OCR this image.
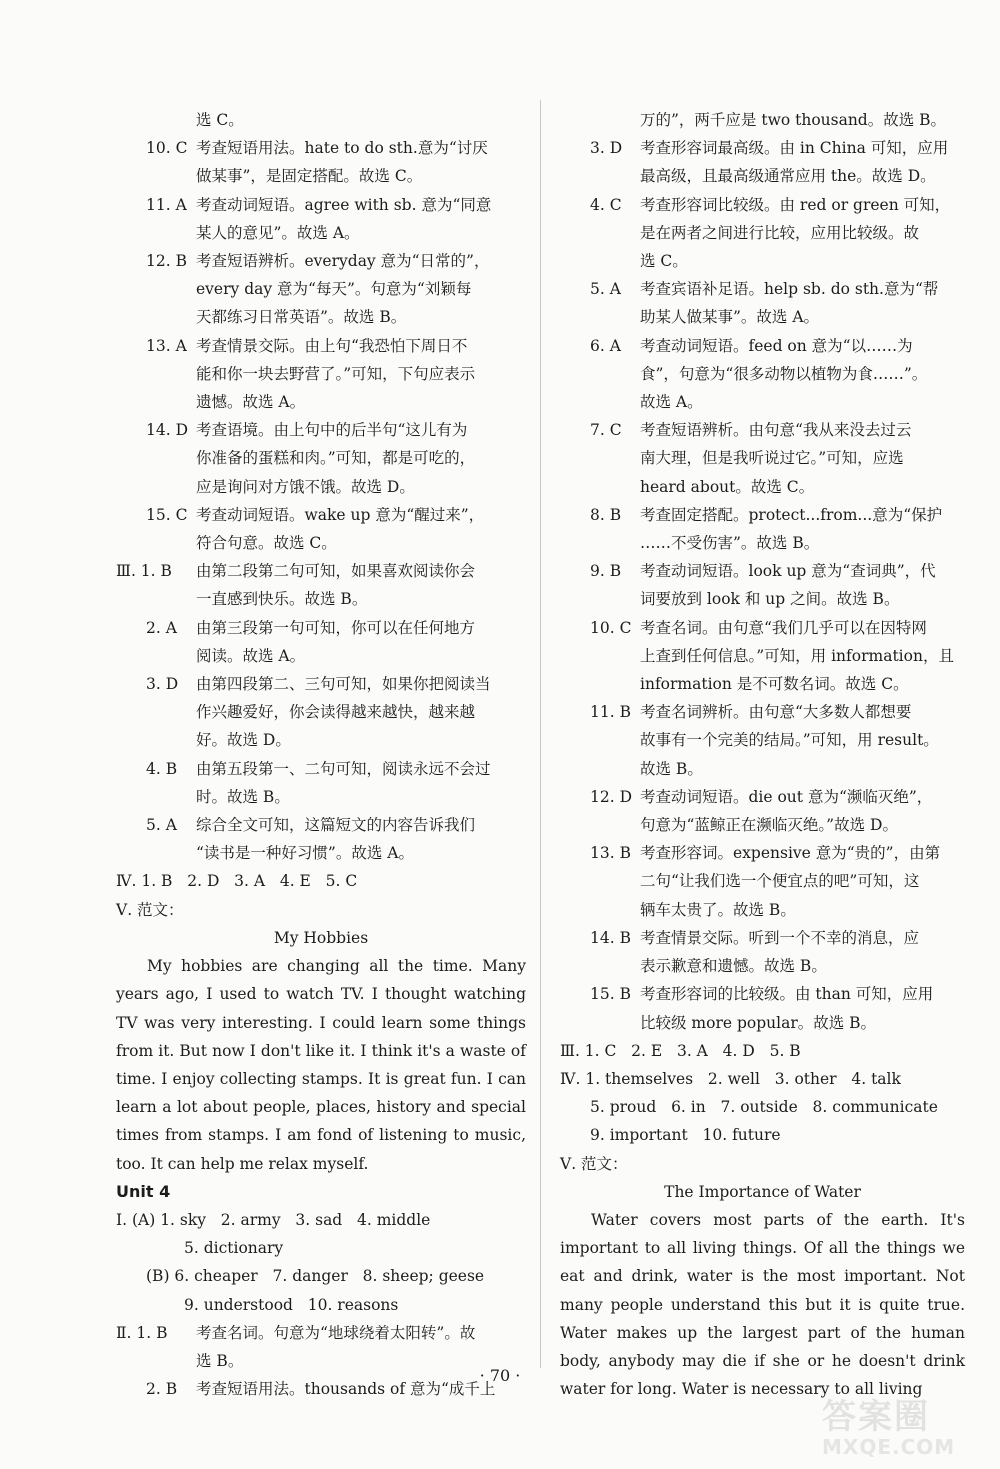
选 C。
10. C 考查短语用法。hate to do sth.意为“讨厌
做某事”，是固定搭配。故选 C。
11. A 考查动词短语。agree with sb. 意为“同意
某人的意见”。故选 A。
12. B 考查短语辨析。everyday 意为“日常的”，
every day 意为“每天”。句意为“刘颖每
天都练习日常英语”。故选 B。
13. A 考查情景交际。由上句“我恐怕下周日不
能和你一块去野营了。”可知，下句应表示
遗憾。故选 A。
14. D 考查语境。由上句中的后半句“这儿有为
你准备的蛋糕和肉。”可知，都是可吃的，
应是询问对方饿不饿。故选 D。
15. C 考查动词短语。wake up 意为“醒过来”，
符合句意。故选 C。
Ⅲ. 1. B	由第二段第二句可知，如果喜欢阅读你会
一直感到快乐。故选 B。
2. A	由第三段第一句可知，你可以在任何地方
阅读。故选 A。
3. D	由第四段第二、三句可知，如果你把阅读当
作兴趣爱好，你会读得越来越快，越来越
好。故选 D。
4. B	由第五段第一、二句可知，阅读永远不会过
时。故选 B。
5. A	综合全文可知，这篇短文的内容告诉我们
“读书是一种好习惯”。故选 A。
Ⅳ. 1. B   2. D   3. A   4. E   5. C
Ⅴ. 范文：
My Hobbies
My hobbies are changing all the time. Many years ago, I used to watch TV. I thought watching TV was very interesting. I could learn some things from it. But now I don't like it. I think it's a waste of time. I enjoy collecting stamps. It is great fun. I can learn a lot about people, places, history and special times from stamps. I am fond of listening to music, too. It can help me relax myself.
Unit 4
Ⅰ. (A) 1. sky   2. army   3. sad   4. middle
5. dictionary
(B) 6. cheaper   7. danger   8. sheep; geese
9. understood   10. reasons
Ⅱ. 1. B	考查名词。句意为“地球绕着太阳转”。故
选 B。
2. B	考查短语用法。thousands of 意为“成千上
万的”，两千应是 two thousand。故选 B。
3. D	考查形容词最高级。由 in China 可知，应用
最高级，且最高级通常应用 the。故选 D。
4. C	考查形容词比较级。由 red or green 可知，
是在两者之间进行比较，应用比较级。故
选 C。
5. A	考查宾语补足语。help sb. do sth.意为“帮
助某人做某事”。故选 A。
6. A	考查动词短语。feed on 意为“以……为
食”，句意为“很多动物以植物为食……”。
故选 A。
7. C	考查短语辨析。由句意“我从来没去过云
南大理，但是我听说过它。”可知，应选
heard about。故选 C。
8. B	考查固定搭配。protect...from...意为“保护
……不受伤害”。故选 B。
9. B	考查动词短语。look up 意为“查词典”，代
词要放到 look 和 up 之间。故选 B。
10. C 考查名词。由句意“我们几乎可以在因特网
上查到任何信息。”可知，用 information，且
information 是不可数名词。故选 C。
11. B 考查名词辨析。由句意“大多数人都想要
故事有一个完美的结局。”可知，用 result。
故选 B。
12. D 考查动词短语。die out 意为“濒临灭绝”，
句意为“蓝鲸正在濒临灭绝。”故选 D。
13. B 考查形容词。expensive 意为“贵的”，由第
二句“让我们选一个便宜点的吧”可知，这
辆车太贵了。故选 B。
14. B 考查情景交际。听到一个不幸的消息，应
表示歉意和遗憾。故选 B。
15. B 考查形容词的比较级。由 than 可知，应用
比较级 more popular。故选 B。
Ⅲ. 1. C   2. E   3. A   4. D   5. B
Ⅳ. 1. themselves   2. well   3. other   4. talk
5. proud   6. in   7. outside   8. communicate
9. important   10. future
Ⅴ. 范文：
The Importance of Water
Water covers most parts of the earth. It's important to all living things. Of all the things we eat and drink, water is the most important. Not many people understand this but it is quite true. Water makes up the largest part of the human body, anybody may die if she or he doesn't drink water for long. Water is necessary to all living
· 70 ·
答案圈
MXQE.COM
